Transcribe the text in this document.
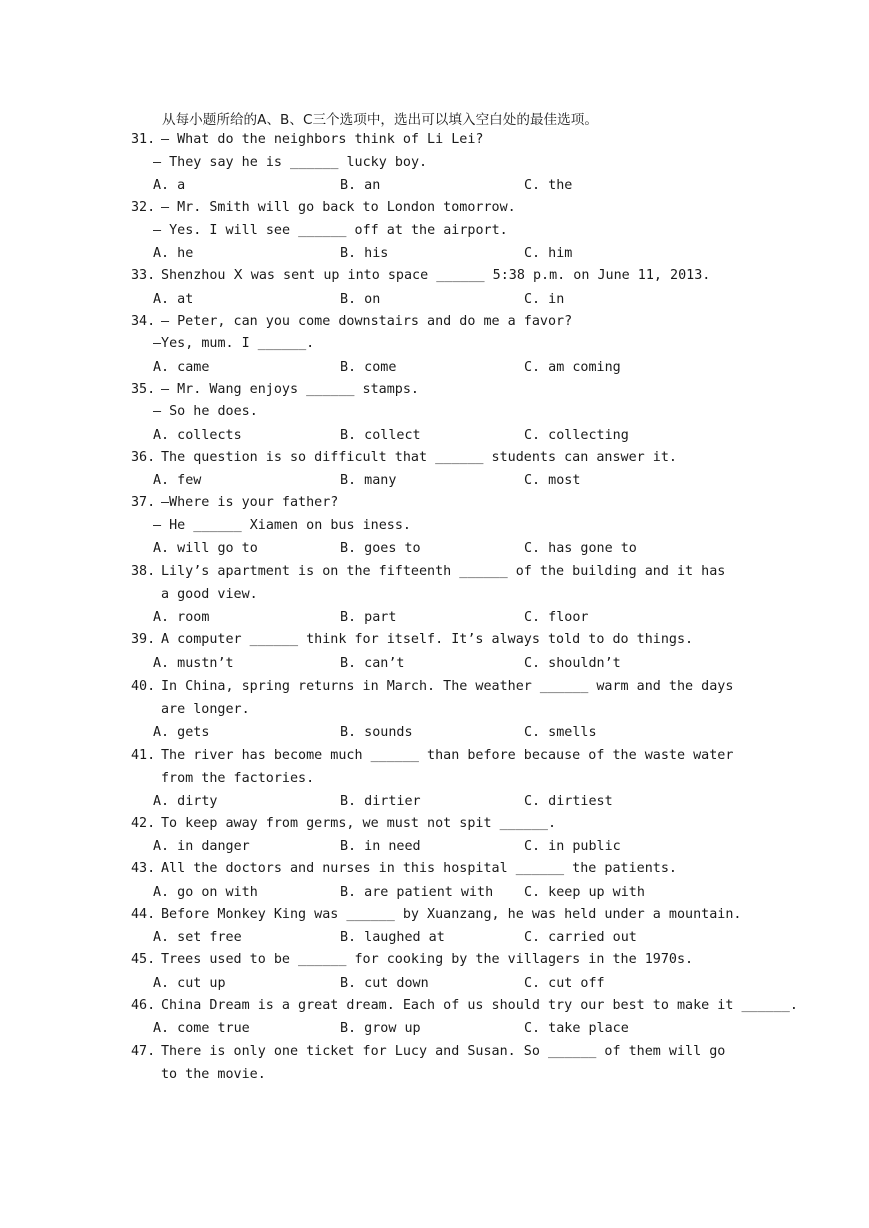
从每小题所给的A、B、C三个选项中，选出可以填入空白处的最佳选项。
31. — What do the neighbors think of Li Lei?
— They say he is ______ lucky boy.
A. a	B. an	C. the
32. — Mr. Smith will go back to London tomorrow.
— Yes. I will see ______ off at the airport.
A. he	B. his	C. him
33. Shenzhou Ⅹ was sent up into space ______ 5:38 p.m. on June 11, 2013.
A. at	B. on	C. in
34. — Peter, can you come downstairs and do me a favor?
—Yes, mum. I ______.
A. came	B. come	C. am coming
35. — Mr. Wang enjoys ______ stamps.
— So he does.
A. collects	B. collect	C. collecting
36. The question is so difficult that ______ students can answer it.
A. few	B. many	C. most
37. —Where is your father?
— He ______ Xiamen on bus iness.
A. will go to	B. goes to	C. has gone to
38. Lily’s apartment is on the fifteenth ______ of the building and it has a good view.
A. room	B. part	C. floor
39. A computer ______ think for itself. It’s always told to do things.
A. mustn’t	B. can’t	C. shouldn’t
40. In China, spring returns in March. The weather ______ warm and the days are longer.
A. gets	B. sounds	C. smells
41. The river has become much ______ than before because of the waste water from the factories.
A. dirty	B. dirtier	C. dirtiest
42. To keep away from germs, we must not spit ______.
A. in danger	B. in need	C. in public
43. All the doctors and nurses in this hospital ______ the patients.
A. go on with	B. are patient with C. keep up with
44. Before Monkey King was ______ by Xuanzang, he was held under a mountain.
A. set free	B. laughed at	C. carried out
45. Trees used to be ______ for cooking by the villagers in the 1970s.
A. cut up	B. cut down	C. cut off
46. China Dream is a great dream. Each of us should try our best to make it ______.
A. come true	B. grow up	C. take place
47. There is only one ticket for Lucy and Susan. So ______ of them will go to the movie.
